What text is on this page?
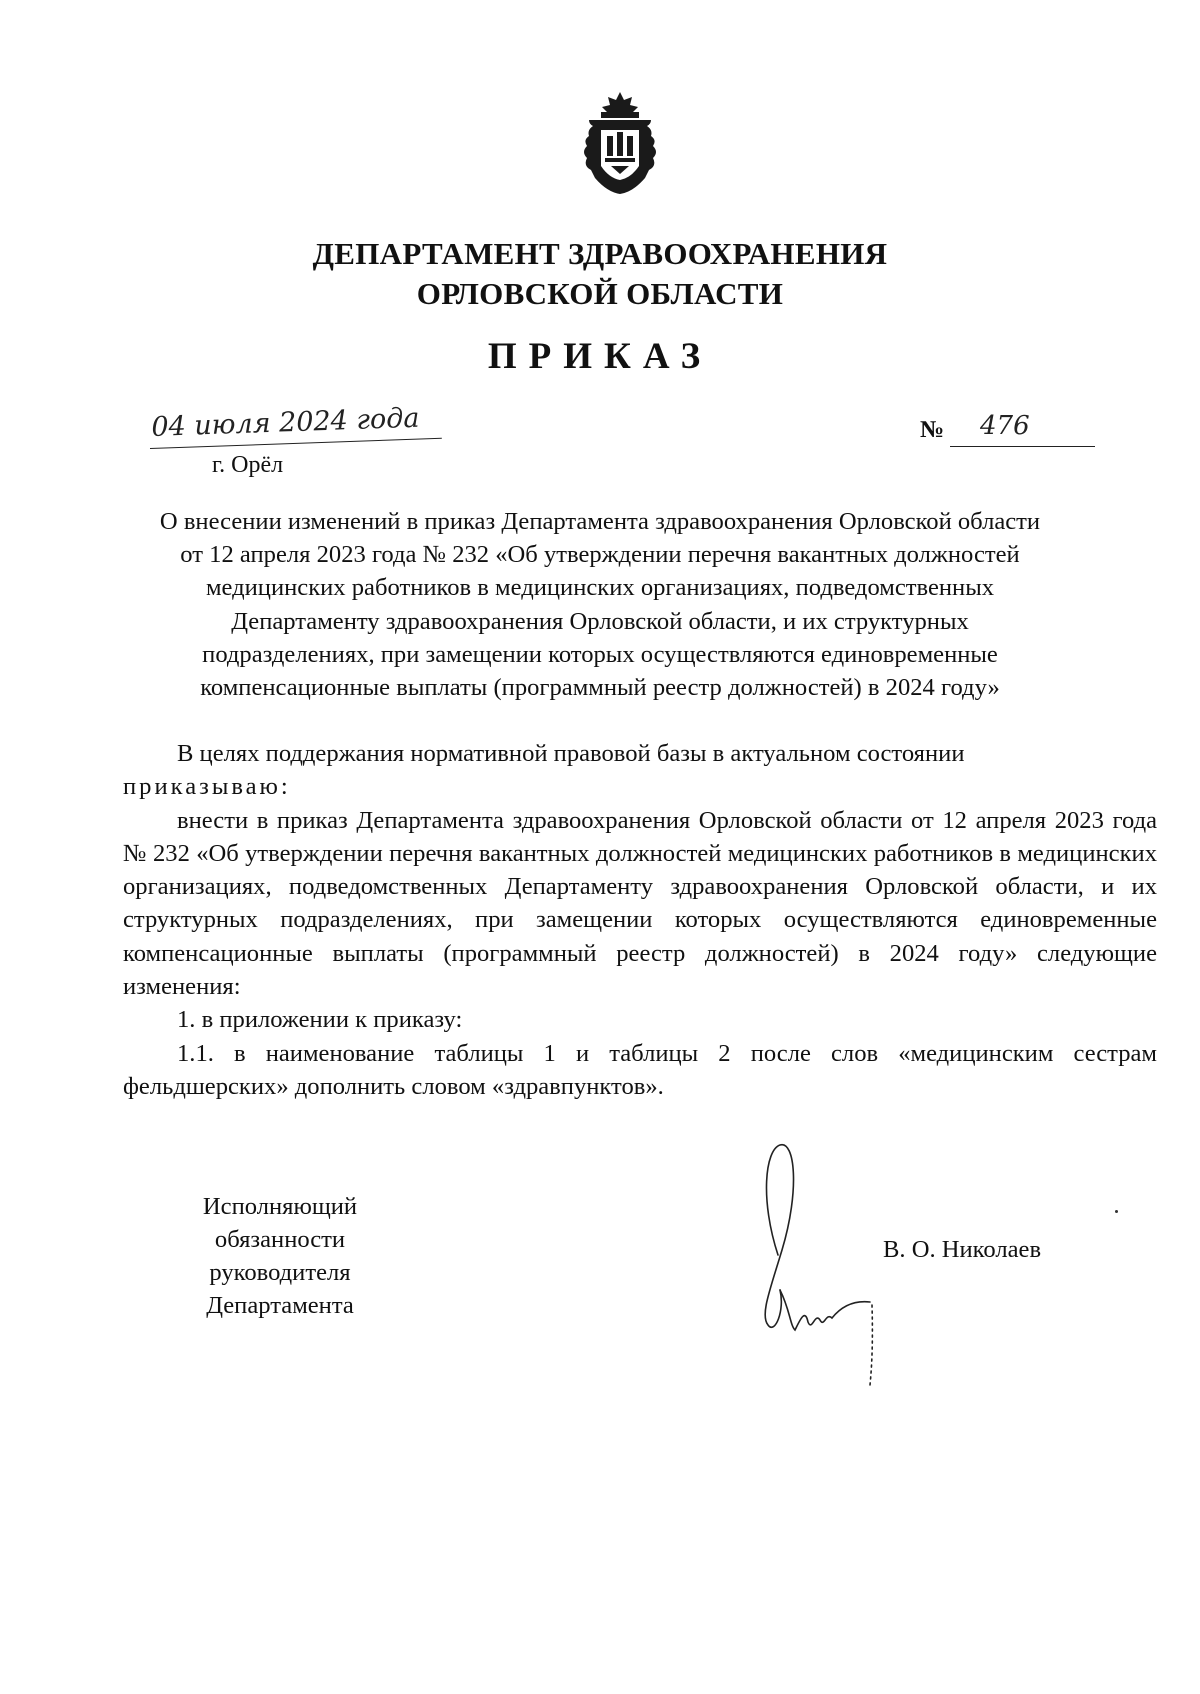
ДЕПАРТАМЕНТ ЗДРАВООХРАНЕНИЯ
ОРЛОВСКОЙ ОБЛАСТИ
ПРИКАЗ
04 июля 2024 года
г. Орёл
№ 476
О внесении изменений в приказ Департамента здравоохранения Орловской области
от 12 апреля 2023 года № 232 «Об утверждении перечня вакантных должностей
медицинских работников в медицинских организациях, подведомственных
Департаменту здравоохранения Орловской области, и их структурных
подразделениях, при замещении которых осуществляются единовременные
компенсационные выплаты (программный реестр должностей) в 2024 году»
В целях поддержания нормативной правовой базы в актуальном состоянии
приказываю:
внести в приказ Департамента здравоохранения Орловской области от 12 апреля 2023 года № 232 «Об утверждении перечня вакантных должностей медицинских работников в медицинских организациях, подведомственных Департаменту здравоохранения Орловской области, и их структурных подразделениях, при замещении которых осуществляются единовременные компенсационные выплаты (программный реестр должностей) в 2024 году» следующие изменения:
1. в приложении к приказу:
1.1. в наименование таблицы 1 и таблицы 2 после слов «медицинским сестрам фельдшерских» дополнить словом «здравпунктов».
Исполняющий
обязанности
руководителя
Департамента
В. О. Николаев
